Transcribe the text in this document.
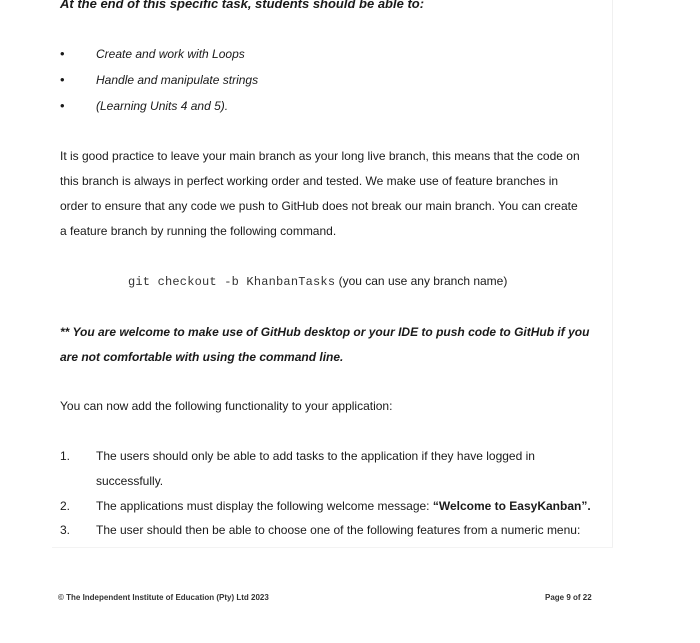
At the end of this specific task, students should be able to:
•	Create and work with Loops
•	Handle and manipulate strings
•	(Learning Units 4 and 5).
It is good practice to leave your main branch as your long live branch, this means that the code on
this branch is always in perfect working order and tested. We make use of feature branches in
order to ensure that any code we push to GitHub does not break our main branch. You can create
a feature branch by running the following command.
git checkout -b KhanbanTasks (you can use any branch name)
** You are welcome to make use of GitHub desktop or your IDE to push code to GitHub if you
are not comfortable with using the command line.
You can now add the following functionality to your application:
1. The users should only be able to add tasks to the application if they have logged in
successfully.
2. The applications must display the following welcome message: “Welcome to EasyKanban”.
3. The user should then be able to choose one of the following features from a numeric menu:
© The Independent Institute of Education (Pty) Ltd 2023	Page 9 of 22
